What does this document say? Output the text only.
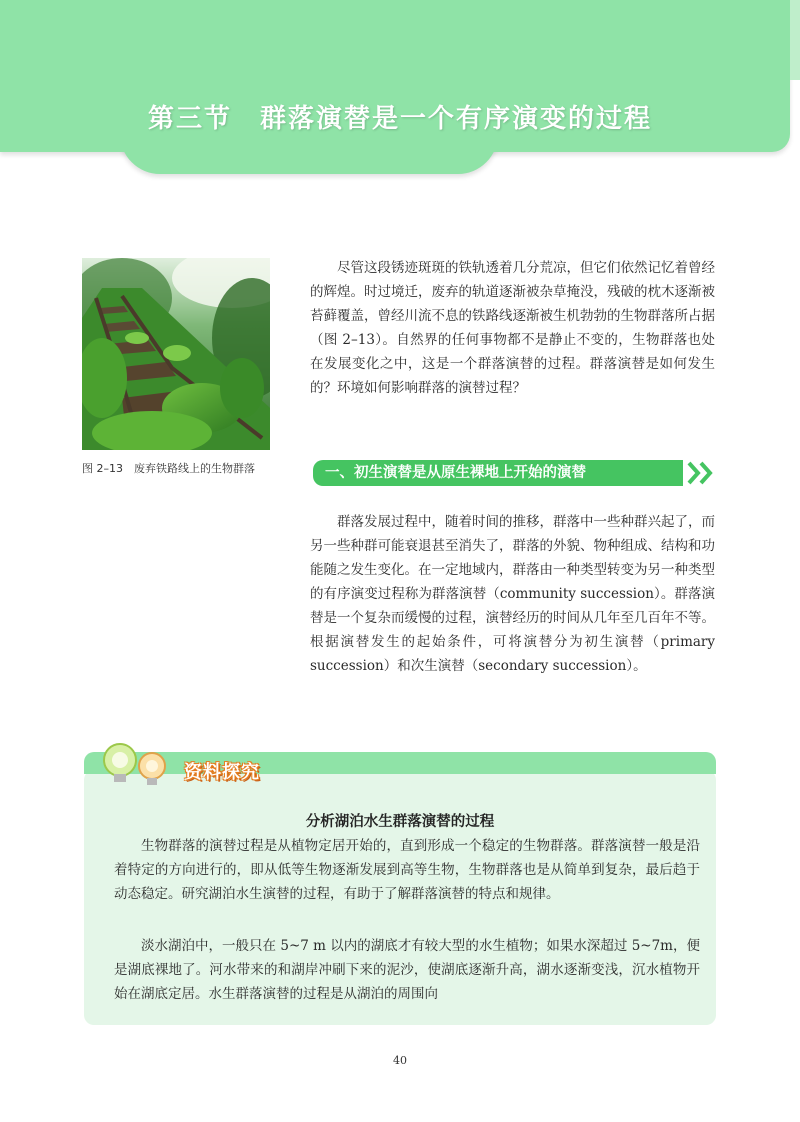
第三节　群落演替是一个有序演变的过程
图 2–13　废弃铁路线上的生物群落

尽管这段锈迹斑斑的铁轨透着几分荒凉，但它们依然记忆着曾经的辉煌。时过境迁，废弃的轨道逐渐被杂草掩没，残破的枕木逐渐被苔藓覆盖，曾经川流不息的铁路线逐渐被生机勃勃的生物群落所占据（图 2–13）。自然界的任何事物都不是静止不变的，生物群落也处在发展变化之中，这是一个群落演替的过程。群落演替是如何发生的？环境如何影响群落的演替过程？

一、初生演替是从原生裸地上开始的演替

群落发展过程中，随着时间的推移，群落中一些种群兴起了，而另一些种群可能衰退甚至消失了，群落的外貌、物种组成、结构和功能随之发生变化。在一定地域内，群落由一种类型转变为另一种类型的有序演变过程称为群落演替（community succession）。群落演替是一个复杂而缓慢的过程，演替经历的时间从几年至几百年不等。根据演替发生的起始条件，可将演替分为初生演替（primary succession）和次生演替（secondary succession）。

资料探究
分析湖泊水生群落演替的过程

生物群落的演替过程是从植物定居开始的，直到形成一个稳定的生物群落。群落演替一般是沿着特定的方向进行的，即从低等生物逐渐发展到高等生物，生物群落也是从简单到复杂，最后趋于动态稳定。研究湖泊水生演替的过程，有助于了解群落演替的特点和规律。

淡水湖泊中，一般只在 5~7 m 以内的湖底才有较大型的水生植物；如果水深超过 5~7m，便是湖底裸地了。河水带来的和湖岸冲刷下来的泥沙，使湖底逐渐升高，湖水逐渐变浅，沉水植物开始在湖底定居。水生群落演替的过程是从湖泊的周围向

40
